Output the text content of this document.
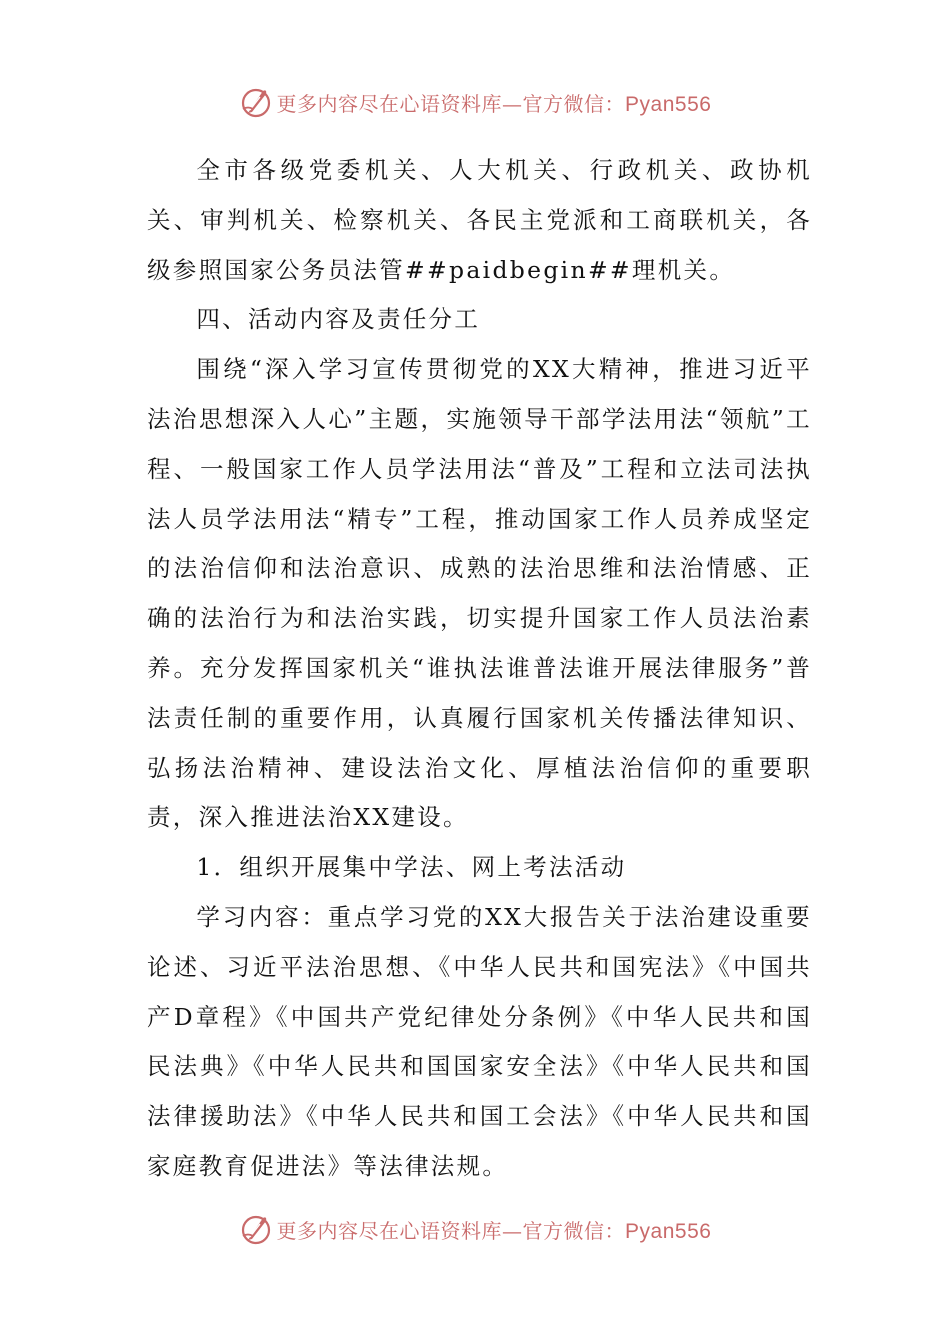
更多内容尽在心语资料库—官方微信：Pyan556

全市各级党委机关、人大机关、行政机关、政协机关、审判机关、检察机关、各民主党派和工商联机关，各级参照国家公务员法管##paidbegin##理机关。

四、活动内容及责任分工

围绕“深入学习宣传贯彻党的XX大精神，推进习近平法治思想深入人心”主题，实施领导干部学法用法“领航”工程、一般国家工作人员学法用法“普及”工程和立法司法执法人员学法用法“精专”工程，推动国家工作人员养成坚定的法治信仰和法治意识、成熟的法治思维和法治情感、正确的法治行为和法治实践，切实提升国家工作人员法治素养。充分发挥国家机关“谁执法谁普法谁开展法律服务”普法责任制的重要作用，认真履行国家机关传播法律知识、弘扬法治精神、建设法治文化、厚植法治信仰的重要职责，深入推进法治XX建设。

1．组织开展集中学法、网上考法活动

学习内容：重点学习党的XX大报告关于法治建设重要论述、习近平法治思想、《中华人民共和国宪法》《中国共产D章程》《中国共产党纪律处分条例》《中华人民共和国民法典》《中华人民共和国国家安全法》《中华人民共和国法律援助法》《中华人民共和国工会法》《中华人民共和国家庭教育促进法》等法律法规。

更多内容尽在心语资料库—官方微信：Pyan556
